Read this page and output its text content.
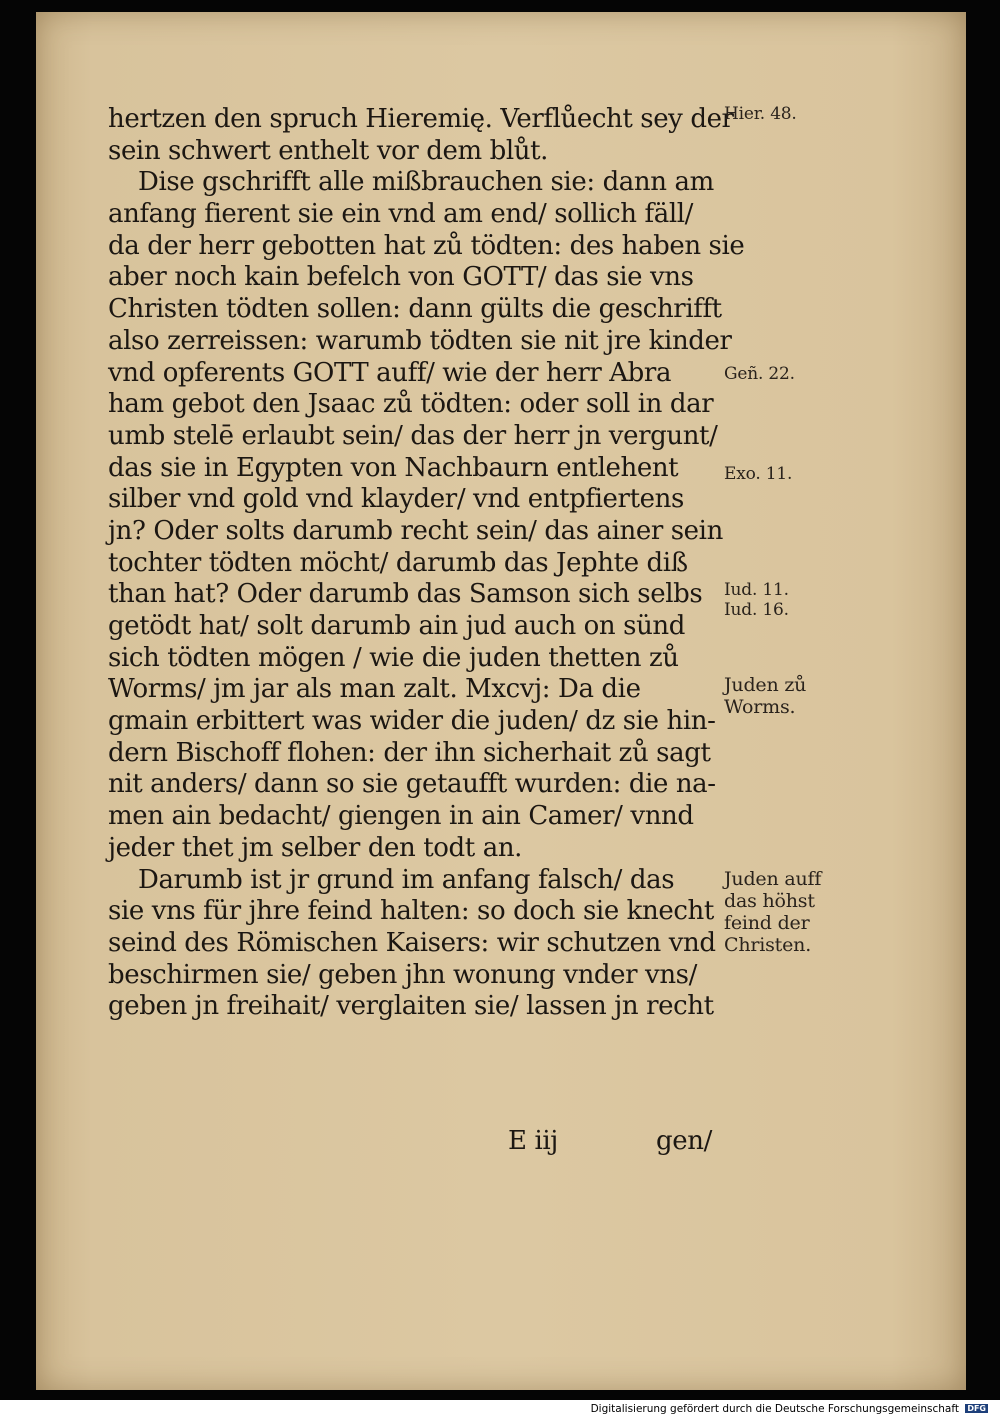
hertzen den spruch Hieremię. Verflůecht sey der
sein schwert enthelt vor dem blůt.
Dise gschrifft alle mißbrauchen sie: dann am
anfang fierent sie ein vnd am end/ sollich fäll/
da der herr gebotten hat zů tödten: des haben sie
aber noch kain befelch von GOTT/ das sie vns
Christen tödten sollen: dann gülts die geschrifft
also zerreissen: warumb tödten sie nit jre kinder
vnd opferents GOTT auff/ wie der herr Abra
ham gebot den Jsaac zů tödten: oder soll in dar
umb stelē erlaubt sein/ das der herr jn vergunt/
das sie in Egypten von Nachbaurn entlehent
silber vnd gold vnd klayder/ vnd entpfiertens
jn? Oder solts darumb recht sein/ das ainer sein
tochter tödten möcht/ darumb das Jephte diß
than hat? Oder darumb das Samson sich selbs
getödt hat/ solt darumb ain jud auch on sünd
sich tödten mögen / wie die juden thetten zů
Worms/ jm jar als man zalt. Mxcvj: Da die
gmain erbittert was wider die juden/ dz sie hin-
dern Bischoff flohen: der ihn sicherhait zů sagt
nit anders/ dann so sie getaufft wurden: die na-
men ain bedacht/ giengen in ain Camer/ vnnd
jeder thet jm selber den todt an.
Darumb ist jr grund im anfang falsch/ das
sie vns für jhre feind halten: so doch sie knecht
seind des Römischen Kaisers: wir schutzen vnd
beschirmen sie/ geben jhn wonung vnder vns/
geben jn freihait/ verglaiten sie/ lassen jn recht
E iij	gen/
Hier. 48.
Geñ. 22.
Exo. 11.
Iud. 11.
Iud. 16.
Juden zů
Worms.
Juden auff
das höhst
feind der
Christen.
Digitalisierung gefördert durch die Deutsche Forschungsgemeinschaft DFG
